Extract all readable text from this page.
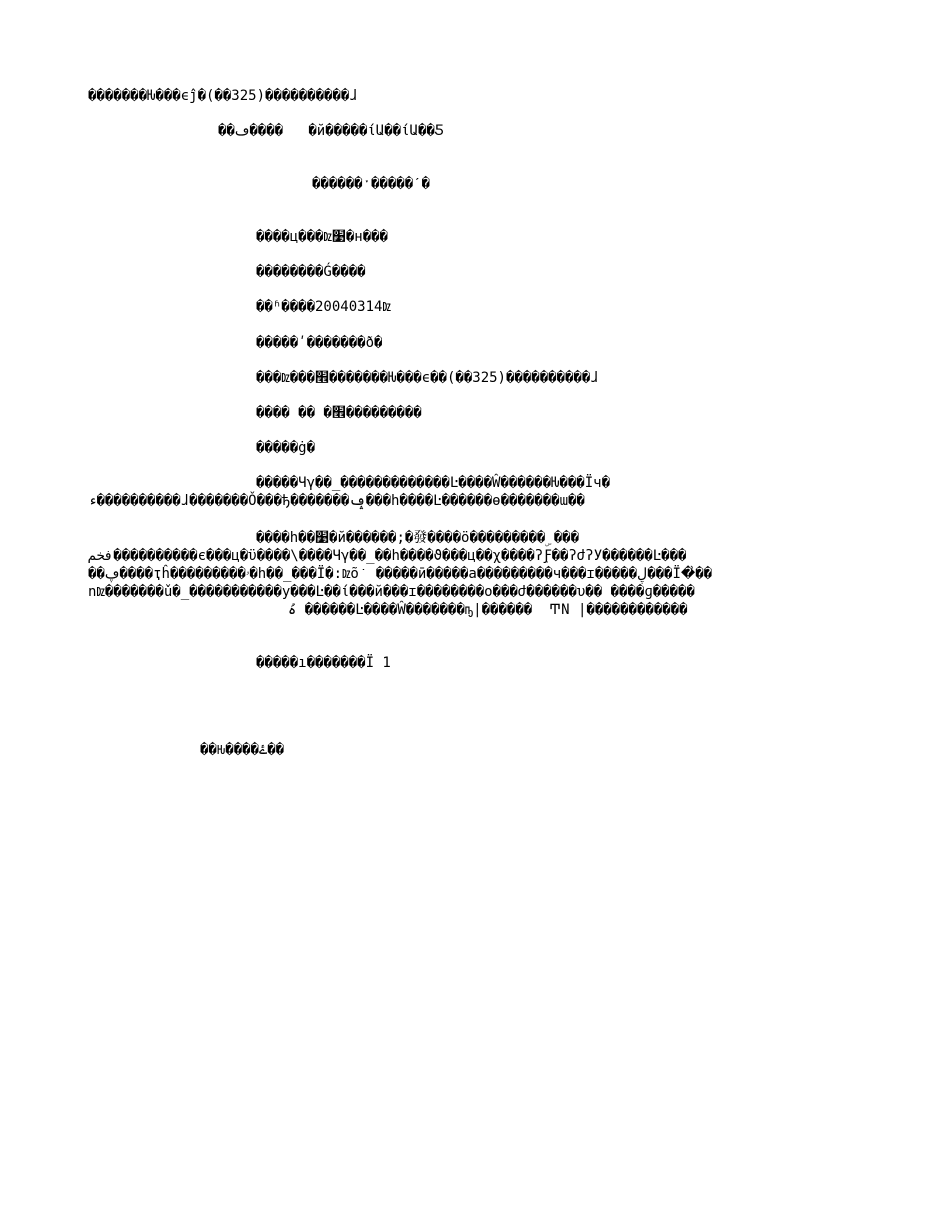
�������Ƕ���ϵĵ�(��325)����������ɺ
��ڡ����   �й�����ίԱ��ίԱ��Ƽ
������ˑ�����ˊ�
����ц���ǲ׹�н���
��������Ǵ����
��ʱ����20040314ǲ
�����ʹ�������ð�
���ǲ���׮�������Ƕ���ϵ��(��325)����������ɺ
���� �� �׮���������
�����ġ�
�����Чγ��_�������������Ŀ����Ŵ������Ƕ���Ϊч�
ء����������ɺ�������Ǒ���ђ�������ݡ���h����Ŀ������ѳ�������ɯ��
����h��׹�й������;�發����ö���������ۣ ���
فخم����������є���ц�ϋ����\����Чγ��_��h����ϑ���ц��χ����ʔִƑ��ʔժʔУ������Ŀ���
��ڥ����ҭĥ���������ۥ�h��_���Ϊ�꞉ǲõ݁  �����ӣ�����а���������ч���ɪ�����ڸ���Ϊ�͗��
nǲ�������ǔ�_�����������у���Ŀ��ί���й���ɪ��������ο���ժ������υ�� ����ɡ�����
ުہ ������Ŀ����Ŵ�������ҧ|������  ͲΝ |������������
�����ı�������Ϊ 1
��Ԋ����ۓ��
